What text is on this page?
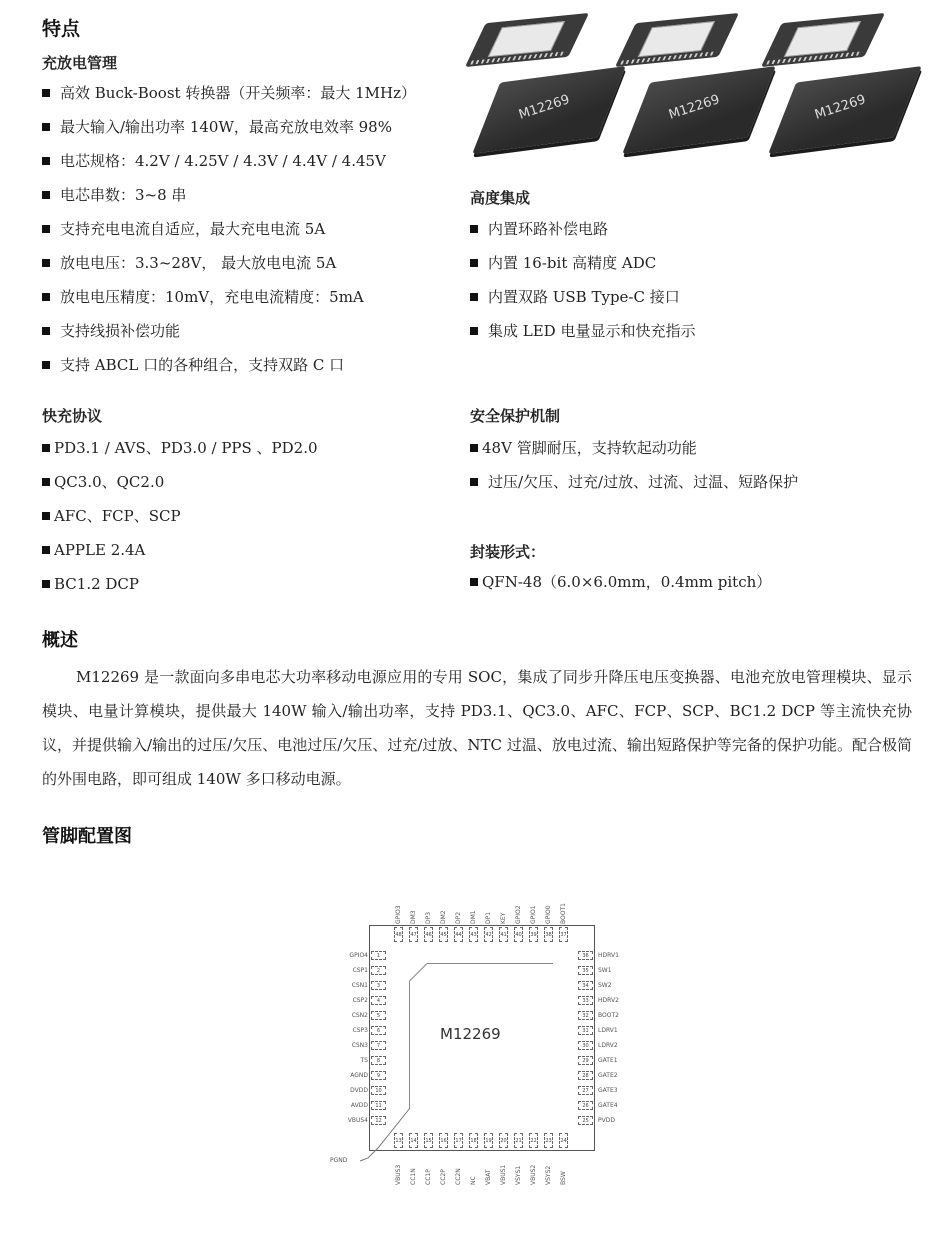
特点
充放电管理
高效 Buck-Boost 转换器（开关频率：最大 1MHz）
最大输入/输出功率 140W，最高充放电效率 98%
电芯规格：4.2V / 4.25V / 4.3V / 4.4V / 4.45V
电芯串数：3~8 串
支持充电电流自适应，最大充电电流 5A
放电电压：3.3~28V， 最大放电电流 5A
放电电压精度：10mV，充电电流精度：5mA
支持线损补偿功能
支持 ABCL 口的各种组合，支持双路 C 口
M12269	M12269	M12269
高度集成
内置环路补偿电路
内置 16-bit 高精度 ADC
内置双路 USB Type-C 接口
集成 LED 电量显示和快充指示
快充协议
PD3.1 / AVS、PD3.0 / PPS 、PD2.0
QC3.0、QC2.0
AFC、FCP、SCP
APPLE 2.4A
BC1.2 DCP
安全保护机制
48V 管脚耐压，支持软起动功能
过压/欠压、过充/过放、过流、过温、短路保护
封装形式：
QFN-48（6.0×6.0mm，0.4mm pitch）
概述

M12269 是一款面向多串电芯大功率移动电源应用的专用 SOC，集成了同步升降压电压变换器、电池充放电管理模块、显示模块、电量计算模块，提供最大 140W 输入/输出功率，支持 PD3.1、QC3.0、AFC、FCP、SCP、BC1.2 DCP 等主流快充协议，并提供输入/输出的过压/欠压、电池过压/欠压、过充/过放、NTC 过温、放电过流、输出短路保护等完备的保护功能。配合极简的外围电路，即可组成 140W 多口移动电源。

管脚配置图
M12269
PGND
1
GPIO4
2
CSP1
3
CSN1
4
CSP2
5
CSN2
6
CSP3
7
CSN3
8
TS
9
AGND
10
DVDD
11
AVDD
12
VBUS4
36	HDRV1
35	SW1
34	SW2
33	HDRV2
32	BOOT2
31	LDRV1
30	LDRV2
29	GATE1
28	GATE2
27	GATE3
26	GATE4
25	PVDD
48
GPIO3
47
DM3
46
DP3
45
DM2
44
DP2
43
DM1
42
DP1
41
KEY
40
GPIO2
39
GPIO1
38
GPIO0
37
BOOT1
13
VBUS3
14
CC1N
15
CC1P
16
CC2P
17
CC2N
18
NC
19
VBAT
20
VBUS1
21
VSYS1
22
VBUS2
23
VSYS2
24
BSW
